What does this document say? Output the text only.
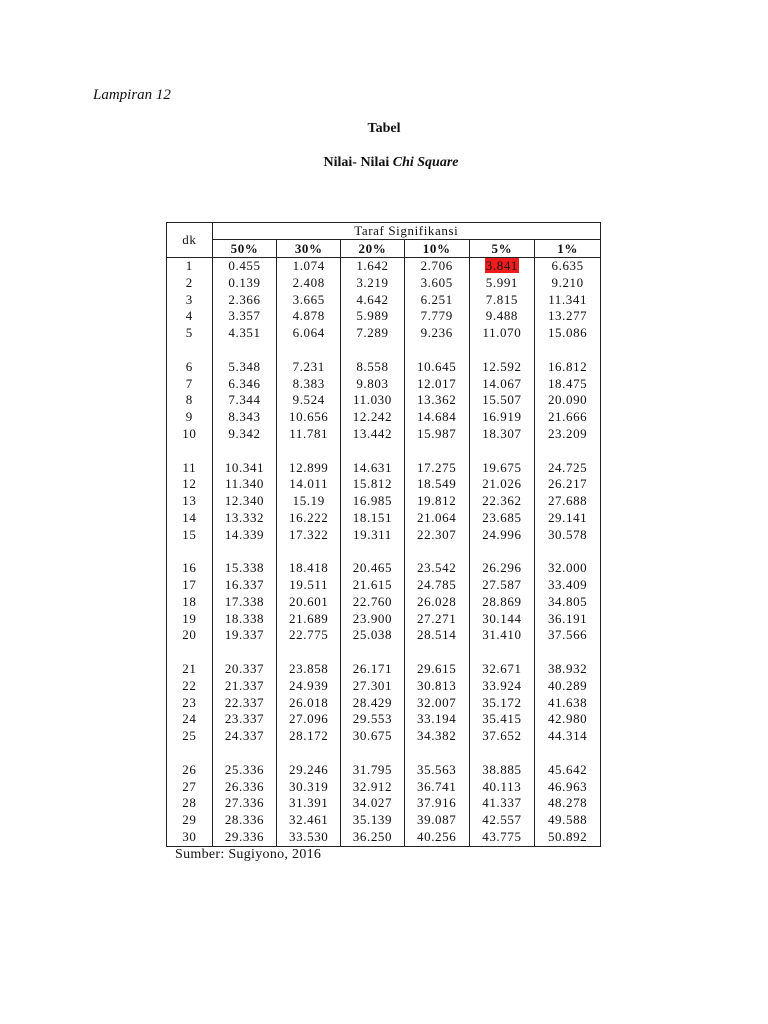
Lampiran 12
Tabel
Nilai- Nilai Chi Square
dk	Taraf Signifikansi					
	50%	30%	20%	10%	5%	1%
1	0.455	1.074	1.642	2.706	3.841	6.635
2	0.139	2.408	3.219	3.605	5.991	9.210
3	2.366	3.665	4.642	6.251	7.815	11.341
4	3.357	4.878	5.989	7.779	9.488	13.277
5	4.351	6.064	7.289	9.236	11.070	15.086

6	5.348	7.231	8.558	10.645	12.592	16.812
7	6.346	8.383	9.803	12.017	14.067	18.475
8	7.344	9.524	11.030	13.362	15.507	20.090
9	8.343	10.656	12.242	14.684	16.919	21.666
10	9.342	11.781	13.442	15.987	18.307	23.209

11	10.341	12.899	14.631	17.275	19.675	24.725
12	11.340	14.011	15.812	18.549	21.026	26.217
13	12.340	15.19	16.985	19.812	22.362	27.688
14	13.332	16.222	18.151	21.064	23.685	29.141
15	14.339	17.322	19.311	22.307	24.996	30.578

16	15.338	18.418	20.465	23.542	26.296	32.000
17	16.337	19.511	21.615	24.785	27.587	33.409
18	17.338	20.601	22.760	26.028	28.869	34.805
19	18.338	21.689	23.900	27.271	30.144	36.191
20	19.337	22.775	25.038	28.514	31.410	37.566

21	20.337	23.858	26.171	29.615	32.671	38.932
22	21.337	24.939	27.301	30.813	33.924	40.289
23	22.337	26.018	28.429	32.007	35.172	41.638
24	23.337	27.096	29.553	33.194	35.415	42.980
25	24.337	28.172	30.675	34.382	37.652	44.314

26	25.336	29.246	31.795	35.563	38.885	45.642
27	26.336	30.319	32.912	36.741	40.113	46.963
28	27.336	31.391	34.027	37.916	41.337	48.278
29	28.336	32.461	35.139	39.087	42.557	49.588
30	29.336	33.530	36.250	40.256	43.775	50.892
Sumber: Sugiyono, 2016
